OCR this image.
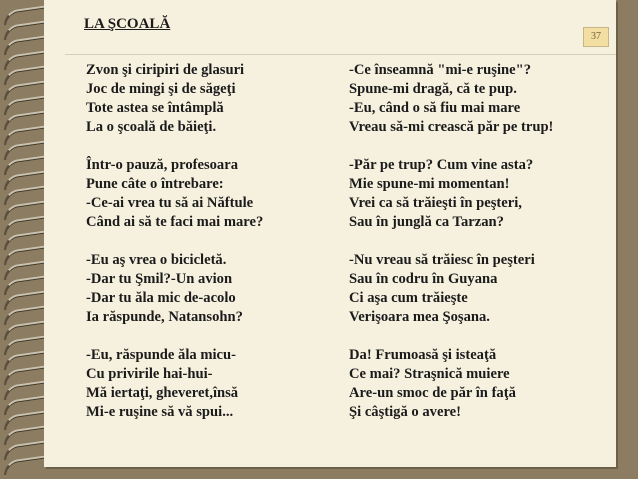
LA ŞCOALĂ
37
Zvon şi ciripiri de glasuri
Joc de mingi şi de săgeţi
Tote astea se întâmplă
La o şcoală de băieţi.
Într-o pauză, profesoara
Pune câte o întrebare:
-Ce-ai vrea tu să ai Năftule
Când ai să te faci mai mare?
-Eu aş vrea o bicicletă.
-Dar tu Şmil?-Un avion
-Dar tu ăla mic de-acolo
Ia răspunde, Natansohn?
-Eu, răspunde ăla micu-
Cu privirile hai-hui-
Mă iertaţi, gheveret,însă
Mi-e ruşine să vă spui...
-Ce înseamnă "mi-e ruşine"?
Spune-mi dragă, că te pup.
-Eu, când o să fiu mai mare
Vreau să-mi crească păr pe trup!
-Păr pe trup? Cum vine asta?
Mie spune-mi momentan!
Vrei ca să trăieşti în peşteri,
Sau în junglă ca Tarzan?
-Nu vreau să trăiesc în peşteri
Sau în codru în Guyana
Ci aşa cum trăieşte
Verişoara mea Şoşana.
Da! Frumoasă şi isteaţă
Ce mai? Straşnică muiere
Are-un smoc de păr în faţă
Şi câştigă o avere!
